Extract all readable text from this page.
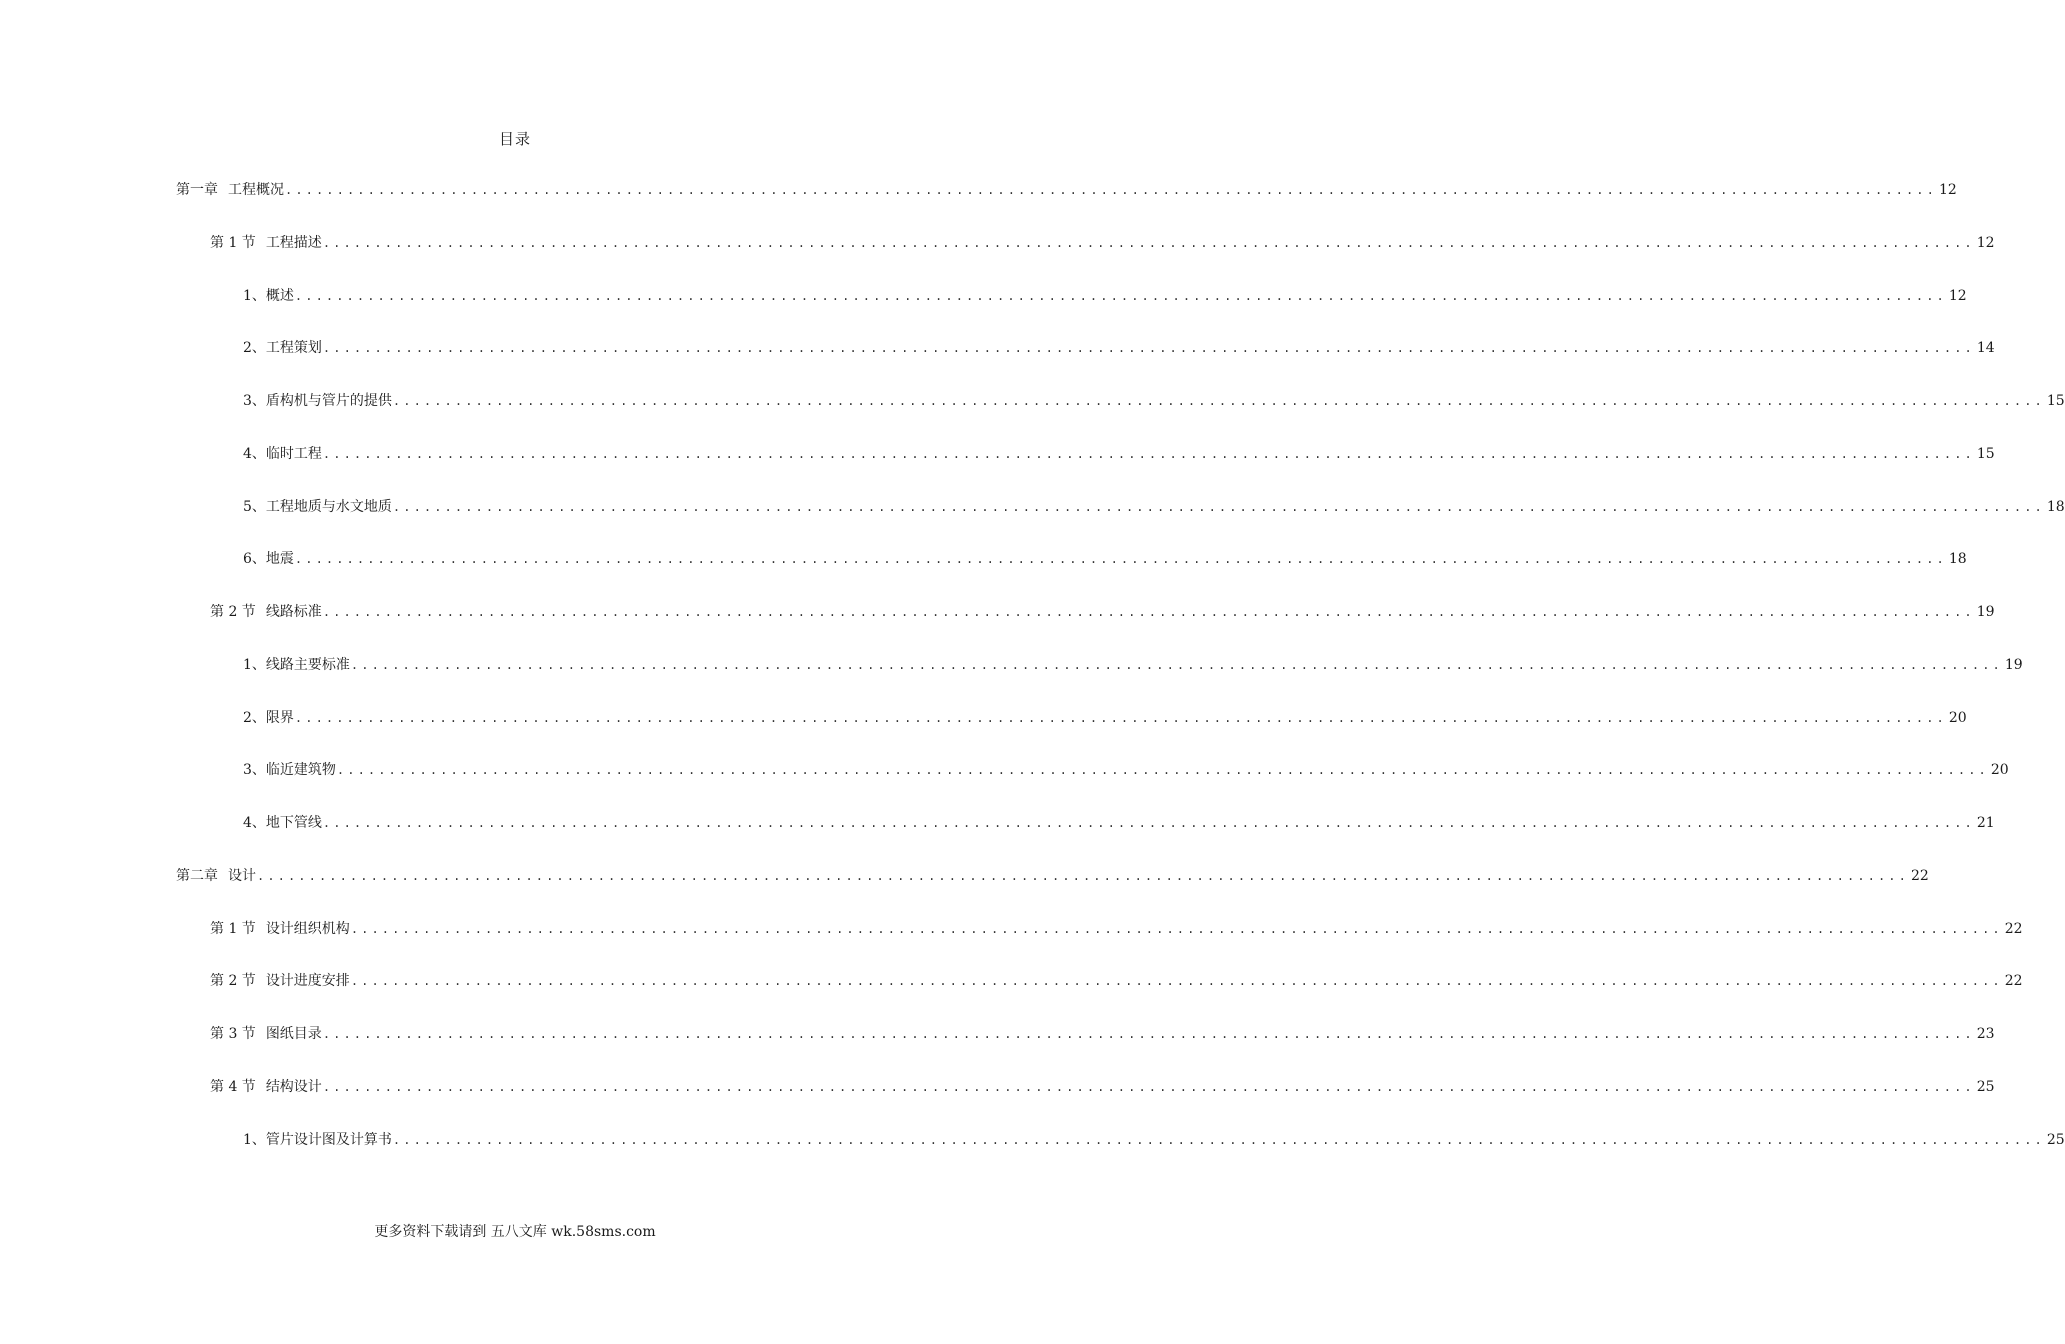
目录
第一章 工程概况 ................................................................................................................................................................ 12
第 1 节 工程描述 ................................................................................................................................................................ 12
1、 概述 ................................................................................................................................................................ 12
2、 工程策划 ................................................................................................................................................................ 14
3、 盾构机与管片的提供 ................................................................................................................................................................ 15
4、 临时工程 ................................................................................................................................................................ 15
5、 工程地质与水文地质 ................................................................................................................................................................ 18
6、 地震 ................................................................................................................................................................ 18
第 2 节 线路标准 ................................................................................................................................................................ 19
1、 线路主要标准 ................................................................................................................................................................ 19
2、 限界 ................................................................................................................................................................ 20
3、 临近建筑物 ................................................................................................................................................................ 20
4、 地下管线 ................................................................................................................................................................ 21
第二章 设计 ................................................................................................................................................................ 22
第 1 节 设计组织机构 ................................................................................................................................................................ 22
第 2 节 设计进度安排 ................................................................................................................................................................ 22
第 3 节 图纸目录 ................................................................................................................................................................ 23
第 4 节 结构设计 ................................................................................................................................................................ 25
1、 管片设计图及计算书 ................................................................................................................................................................ 25
更多资料下载请到 五八文库 wk.58sms.com
